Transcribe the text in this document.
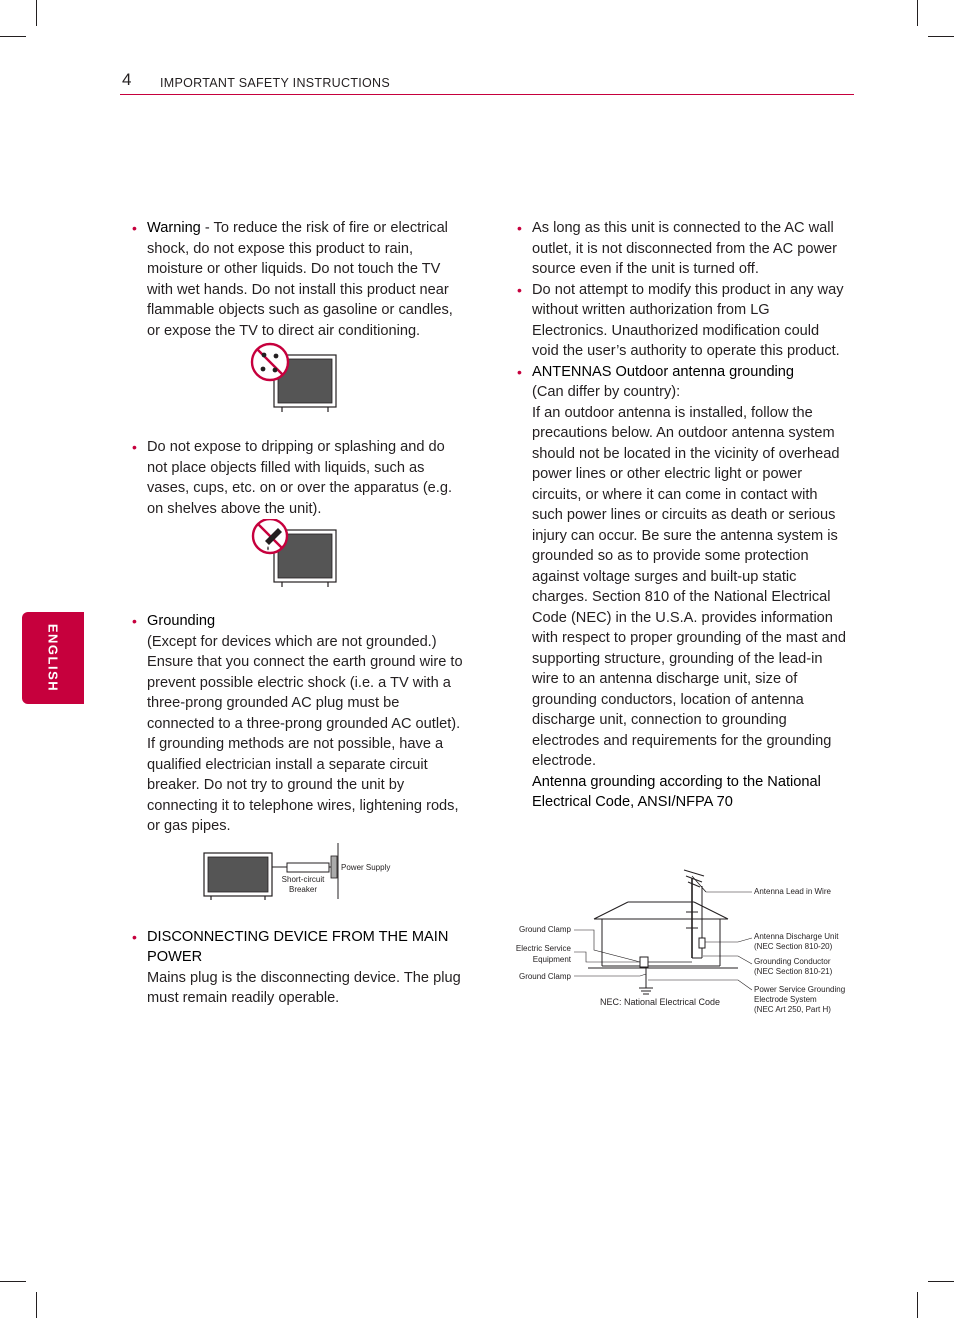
4 IMPORTANT SAFETY INSTRUCTIONS
ENGLISH
• Warning - To reduce the risk of fire or electrical shock, do not expose this product to rain, moisture or other liquids. Do not touch the TV with wet hands. Do not install this product near flammable objects such as gasoline or candles, or expose the TV to direct air conditioning.
• Do not expose to dripping or splashing and do not place objects filled with liquids, such as vases, cups, etc. on or over the apparatus (e.g. on shelves above the unit).
• Grounding
(Except for devices which are not grounded.) Ensure that you connect the earth ground wire to prevent possible electric shock (i.e. a TV with a three-prong grounded AC plug must be connected to a three-prong grounded AC outlet). If grounding methods are not possible, have a qualified electrician install a separate circuit breaker. Do not try to ground the unit by connecting it to telephone wires, lightening rods, or gas pipes.
Power Supply
Short-circuit
Breaker
• DISCONNECTING DEVICE FROM THE MAIN POWER
Mains plug is the disconnecting device. The plug must remain readily operable.
• As long as this unit is connected to the AC wall outlet, it is not disconnected from the AC power source even if the unit is turned off.
• Do not attempt to modify this product in any way without written authorization from LG Electronics. Unauthorized modification could void the user’s authority to operate this product.
• ANTENNAS Outdoor antenna grounding
(Can differ by country):
If an outdoor antenna is installed, follow the precautions below. An outdoor antenna system should not be located in the vicinity of overhead power lines or other electric light or power circuits, or where it can come in contact with such power lines or circuits as death or serious injury can occur. Be sure the antenna system is grounded so as to provide some protection against voltage surges and built-up static charges. Section 810 of the National Electrical Code (NEC) in the U.S.A. provides information with respect to proper grounding of the mast and supporting structure, grounding of the lead-in wire to an antenna discharge unit, size of grounding conductors, location of antenna discharge unit, connection to grounding electrodes and requirements for the grounding electrode.
Antenna grounding according to the National Electrical Code, ANSI/NFPA 70
Ground Clamp
Electric Service
Equipment
Ground Clamp
NEC: National Electrical Code
Antenna Lead in Wire
Antenna Discharge Unit
(NEC Section 810-20)
Grounding Conductor
(NEC Section 810-21)
Power Service Grounding
Electrode System
(NEC Art 250, Part H)
